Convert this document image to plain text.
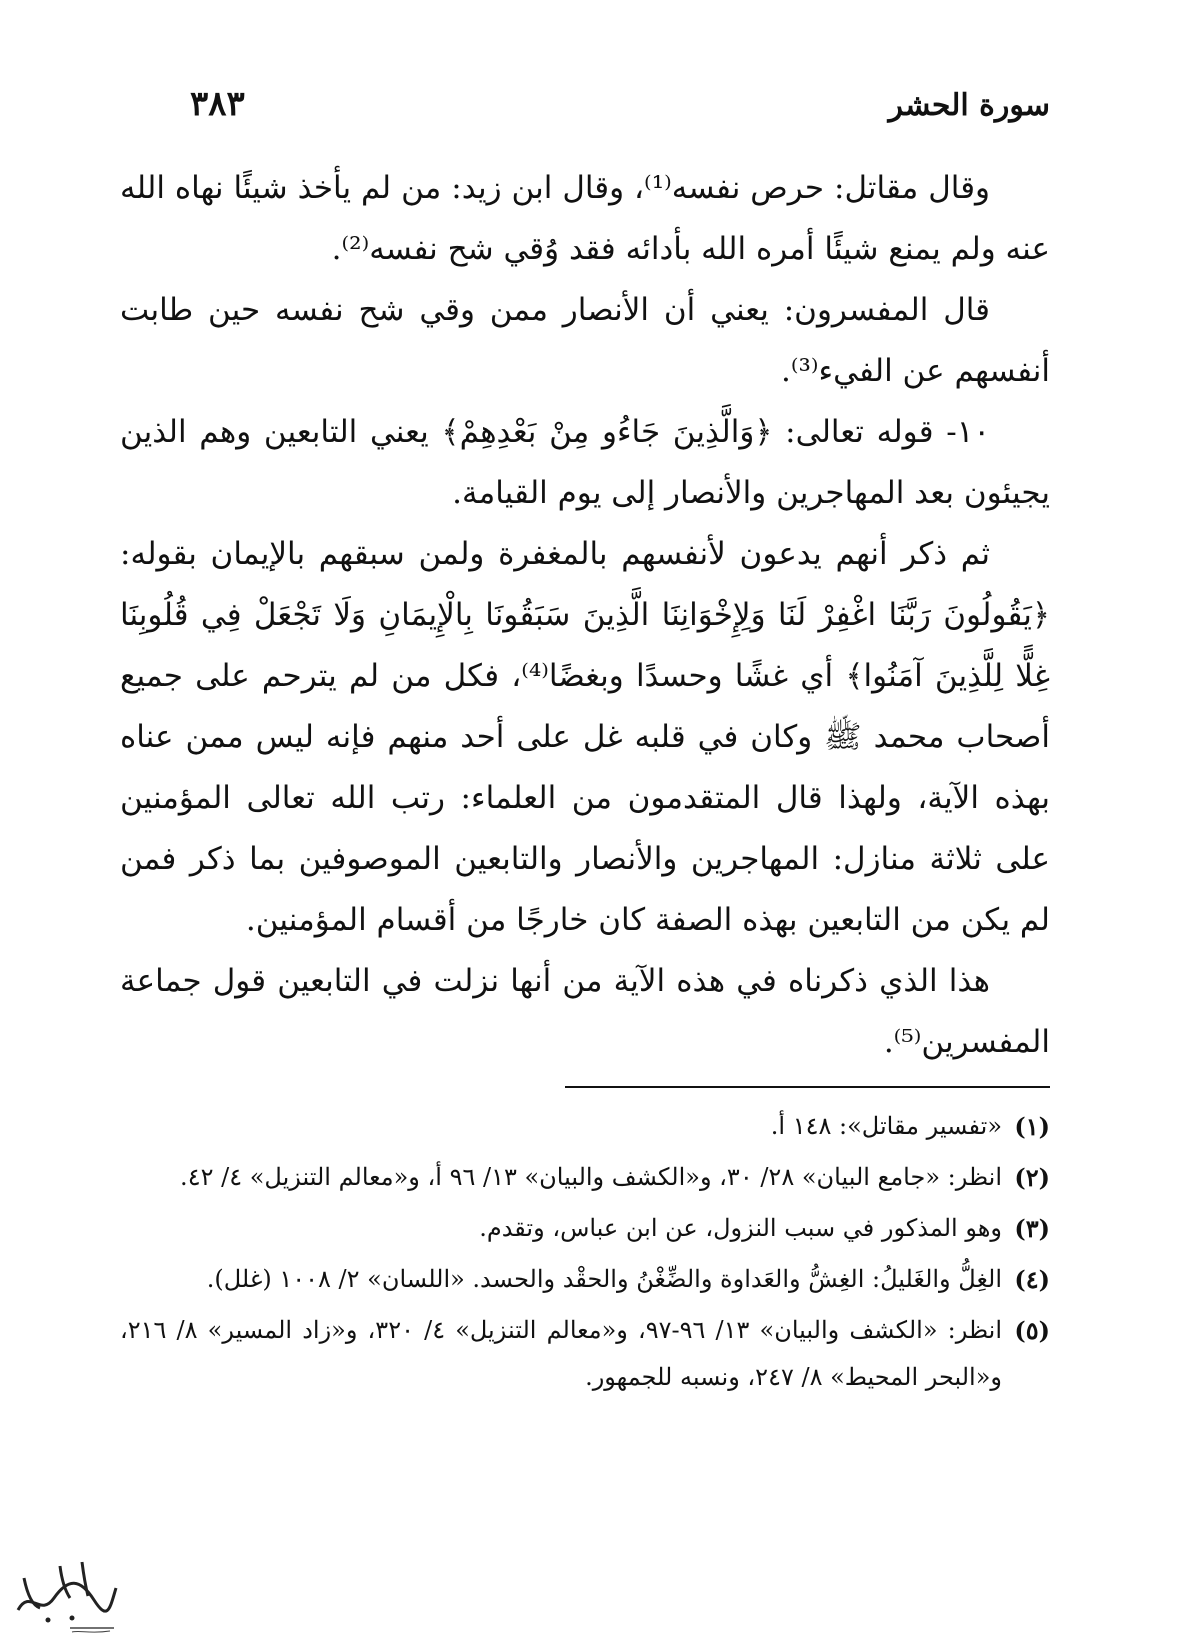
سورة الحشر
٣٨٣

وقال مقاتل: حرص نفسه⁽¹⁾، وقال ابن زيد: من لم يأخذ شيئًا نهاه الله عنه ولم يمنع شيئًا أمره الله بأدائه فقد وُقي شح نفسه⁽²⁾.

قال المفسرون: يعني أن الأنصار ممن وقي شح نفسه حين طابت أنفسهم عن الفيء⁽³⁾.

١٠- قوله تعالى: ﴿وَالَّذِينَ جَاءُو مِنْ بَعْدِهِمْ﴾ يعني التابعين وهم الذين يجيئون بعد المهاجرين والأنصار إلى يوم القيامة.

ثم ذكر أنهم يدعون لأنفسهم بالمغفرة ولمن سبقهم بالإيمان بقوله: ﴿يَقُولُونَ رَبَّنَا اغْفِرْ لَنَا وَلِإِخْوَانِنَا الَّذِينَ سَبَقُونَا بِالْإِيمَانِ وَلَا تَجْعَلْ فِي قُلُوبِنَا غِلًّا لِلَّذِينَ آمَنُوا﴾ أي غشًا وحسدًا وبغضًا⁽⁴⁾، فكل من لم يترحم على جميع أصحاب محمد ﷺ وكان في قلبه غل على أحد منهم فإنه ليس ممن عناه بهذه الآية، ولهذا قال المتقدمون من العلماء: رتب الله تعالى المؤمنين على ثلاثة منازل: المهاجرين والأنصار والتابعين الموصوفين بما ذكر فمن لم يكن من التابعين بهذه الصفة كان خارجًا من أقسام المؤمنين.

هذا الذي ذكرناه في هذه الآية من أنها نزلت في التابعين قول جماعة المفسرين⁽⁵⁾.

(١)
«تفسير مقاتل»: ١٤٨ أ.
(٢)
انظر: «جامع البيان» ٢٨/ ٣٠، و«الكشف والبيان» ١٣/ ٩٦ أ، و«معالم التنزيل» ٤/ ٤٢.
(٣)
وهو المذكور في سبب النزول، عن ابن عباس، وتقدم.
(٤)
الغِلُّ والغَليلُ: الغِشُّ والعَداوة والضِّغْنُ والحقْد والحسد. «اللسان» ٢/ ١٠٠٨ (غلل).
(٥)
انظر: «الكشف والبيان» ١٣/ ٩٦-٩٧، و«معالم التنزيل» ٤/ ٣٢٠، و«زاد المسير» ٨/ ٢١٦، و«البحر المحيط» ٨/ ٢٤٧، ونسبه للجمهور.
